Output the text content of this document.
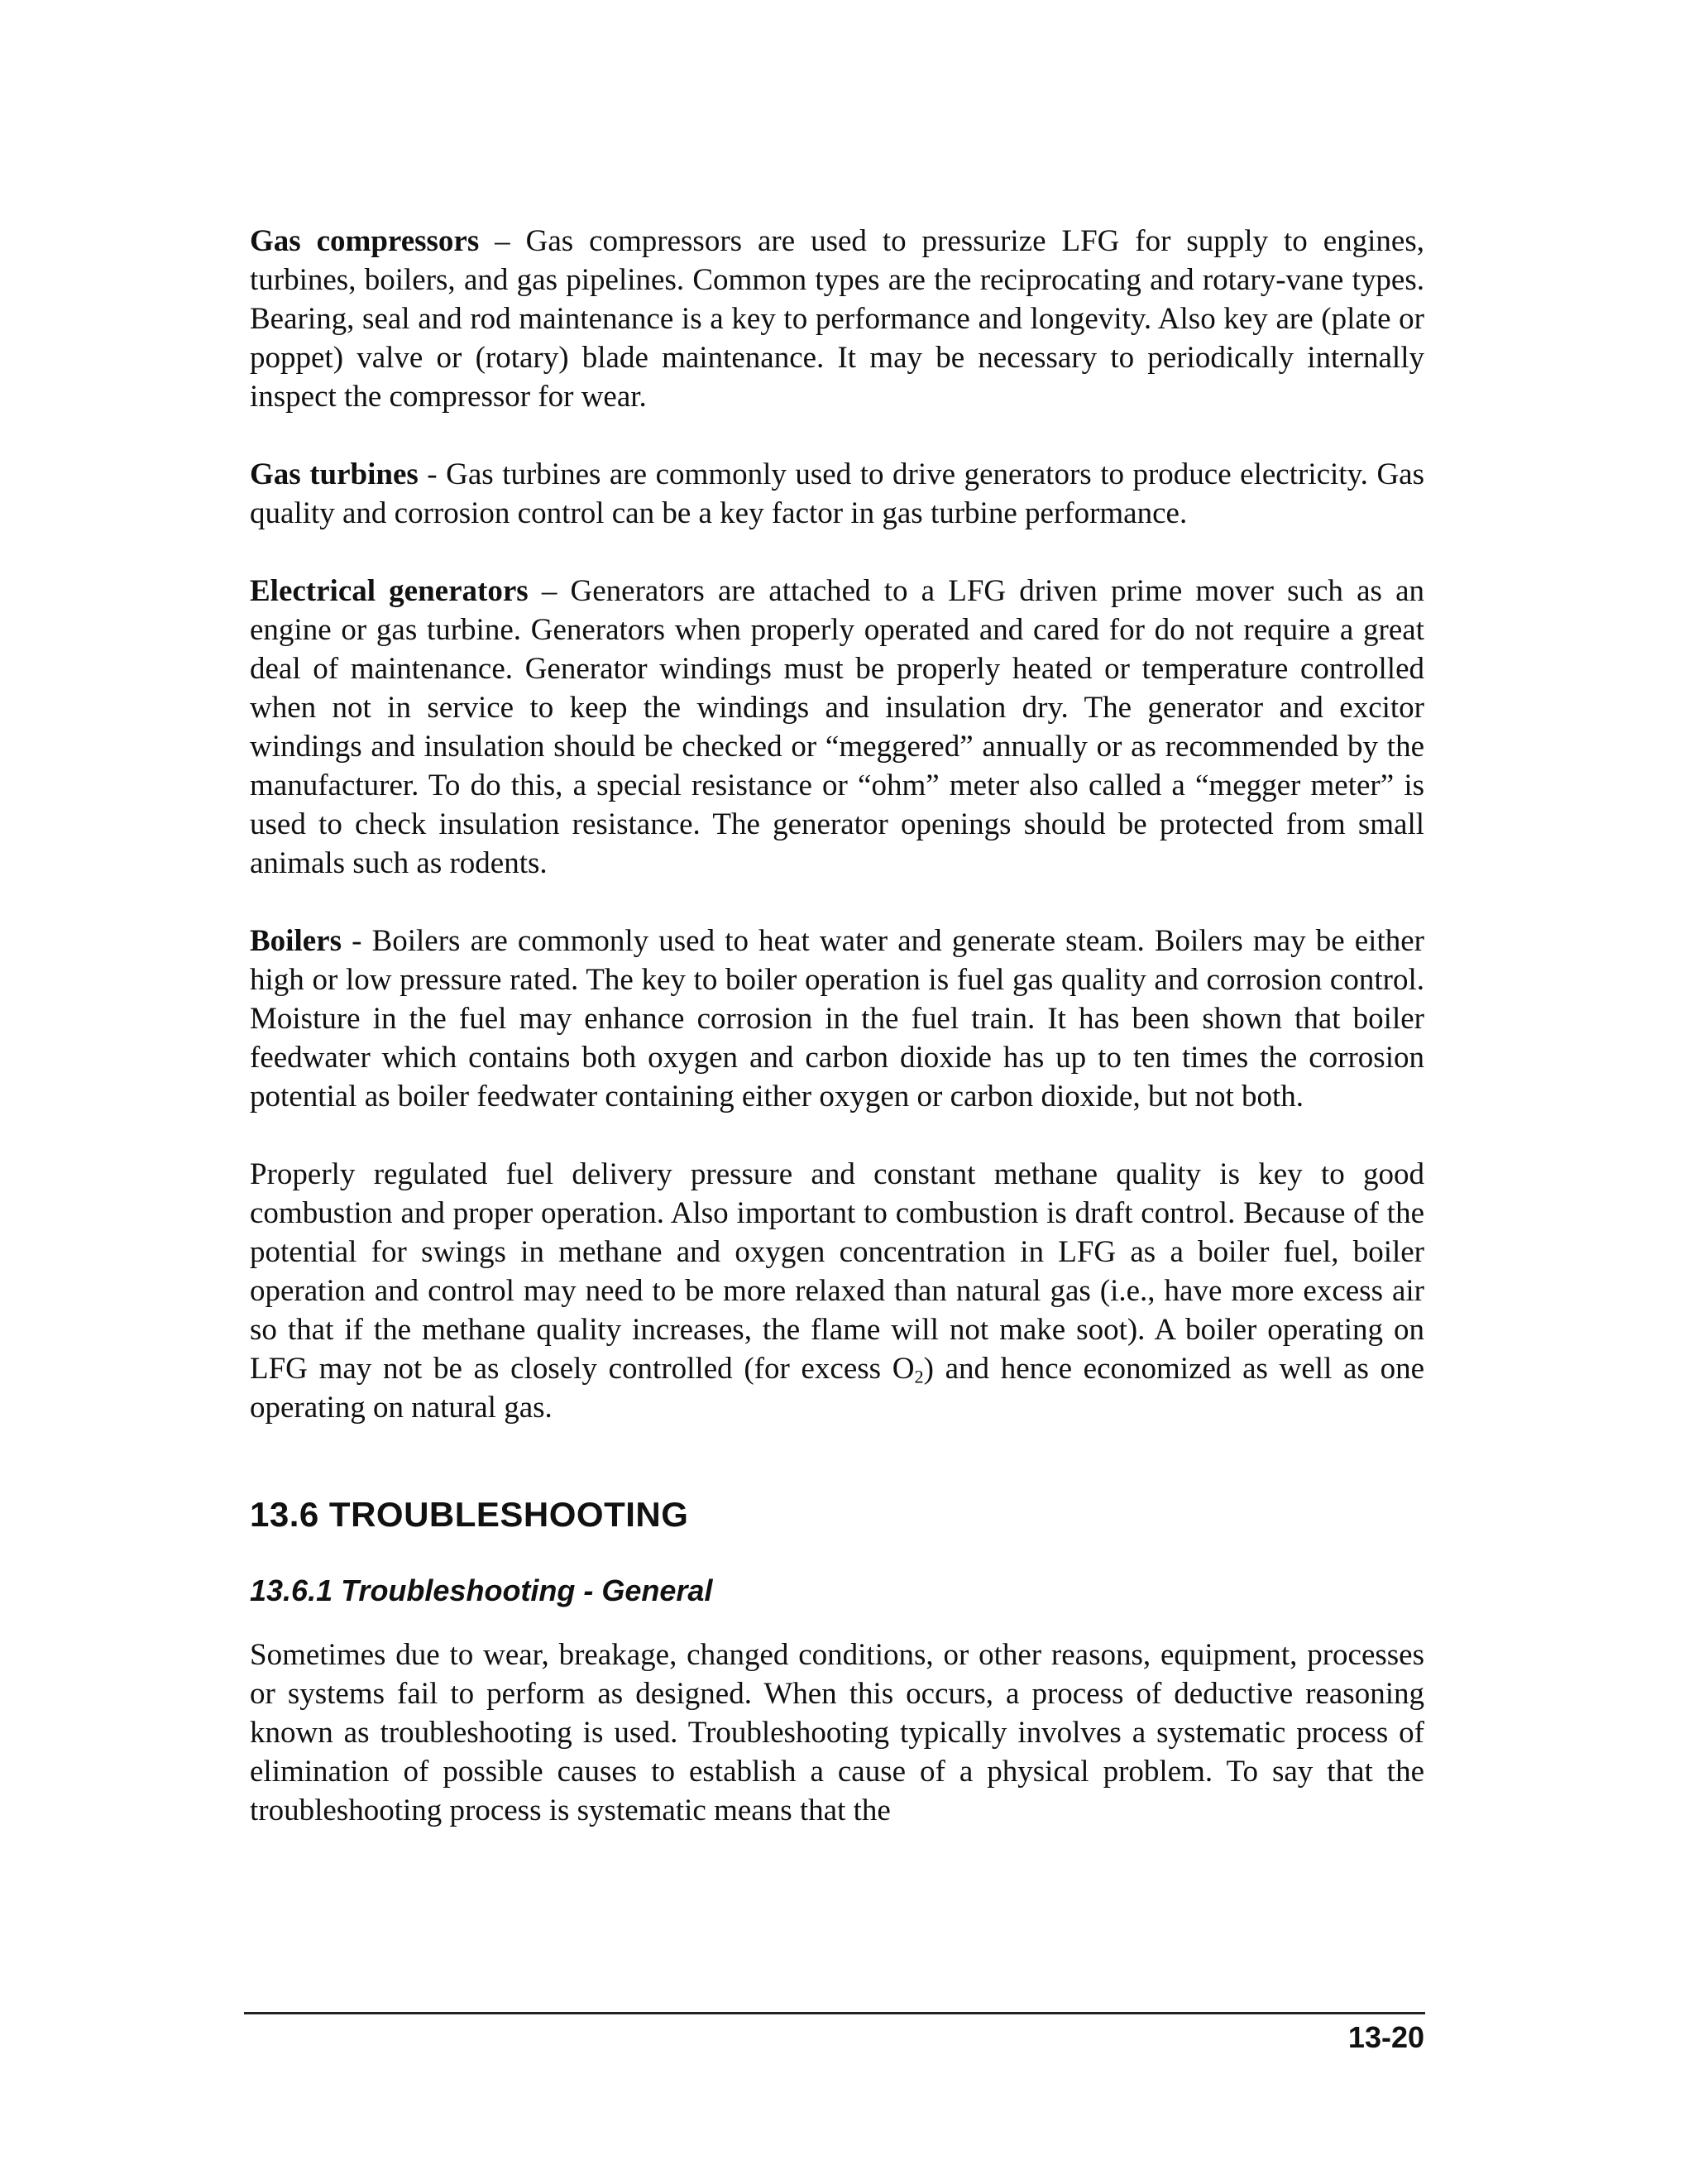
Gas compressors – Gas compressors are used to pressurize LFG for supply to engines, turbines, boilers, and gas pipelines. Common types are the reciprocating and rotary-vane types. Bearing, seal and rod maintenance is a key to performance and longevity. Also key are (plate or poppet) valve or (rotary) blade maintenance. It may be necessary to periodically internally inspect the compressor for wear.

Gas turbines - Gas turbines are commonly used to drive generators to produce electricity. Gas quality and corrosion control can be a key factor in gas turbine performance.

Electrical generators – Generators are attached to a LFG driven prime mover such as an engine or gas turbine. Generators when properly operated and cared for do not require a great deal of maintenance. Generator windings must be properly heated or temperature controlled when not in service to keep the windings and insulation dry. The generator and excitor windings and insulation should be checked or “meggered” annually or as recommended by the manufacturer. To do this, a special resistance or “ohm” meter also called a “megger meter” is used to check insulation resistance. The generator openings should be protected from small animals such as rodents.

Boilers - Boilers are commonly used to heat water and generate steam. Boilers may be either high or low pressure rated. The key to boiler operation is fuel gas quality and corrosion control. Moisture in the fuel may enhance corrosion in the fuel train. It has been shown that boiler feedwater which contains both oxygen and carbon dioxide has up to ten times the corrosion potential as boiler feedwater containing either oxygen or carbon dioxide, but not both.

Properly regulated fuel delivery pressure and constant methane quality is key to good combustion and proper operation. Also important to combustion is draft control. Because of the potential for swings in methane and oxygen concentration in LFG as a boiler fuel, boiler operation and control may need to be more relaxed than natural gas (i.e., have more excess air so that if the methane quality increases, the flame will not make soot). A boiler operating on LFG may not be as closely controlled (for excess $O_2$) and hence economized as well as one operating on natural gas.

13.6 TROUBLESHOOTING
13.6.1 Troubleshooting - General

Sometimes due to wear, breakage, changed conditions, or other reasons, equipment, processes or systems fail to perform as designed. When this occurs, a process of deductive reasoning known as troubleshooting is used. Troubleshooting typically involves a systematic process of elimination of possible causes to establish a cause of a physical problem. To say that the troubleshooting process is systematic means that the

13-20
